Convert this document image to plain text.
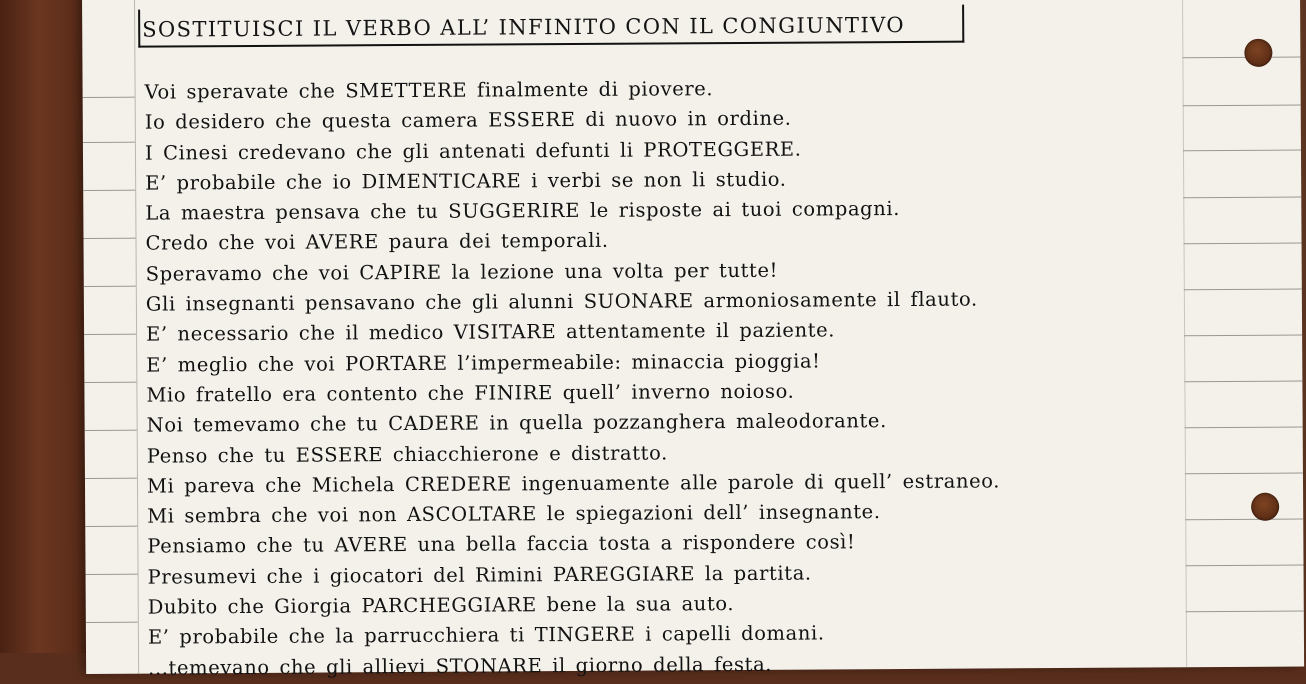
SOSTITUISCI IL VERBO ALL’ INFINITO CON IL CONGIUNTIVO
Voi speravate che SMETTERE finalmente di piovere.
Io desidero che questa camera ESSERE di nuovo in ordine.
I Cinesi credevano che gli antenati defunti li PROTEGGERE.
E’ probabile che io DIMENTICARE i verbi se non li studio.
La maestra pensava che tu SUGGERIRE le risposte ai tuoi compagni.
Credo che voi AVERE paura dei temporali.
Speravamo che voi CAPIRE la lezione una volta per tutte!
Gli insegnanti pensavano che gli alunni SUONARE armoniosamente il flauto.
E’ necessario che il medico VISITARE attentamente il paziente.
E’ meglio che voi PORTARE l’impermeabile: minaccia pioggia!
Mio fratello era contento che FINIRE quell’ inverno noioso.
Noi temevamo che tu CADERE in quella pozzanghera maleodorante.
Penso che tu ESSERE chiacchierone e distratto.
Mi pareva che Michela CREDERE ingenuamente alle parole di quell’ estraneo.
Mi sembra che voi non ASCOLTARE le spiegazioni dell’ insegnante.
Pensiamo che tu AVERE una bella faccia tosta a rispondere così!
Presumevi che i giocatori del Rimini PAREGGIARE la partita.
Dubito che Giorgia PARCHEGGIARE bene la sua auto.
E’ probabile che la parrucchiera ti TINGERE i capelli domani.
...temevano che gli allievi STONARE il giorno della festa.
